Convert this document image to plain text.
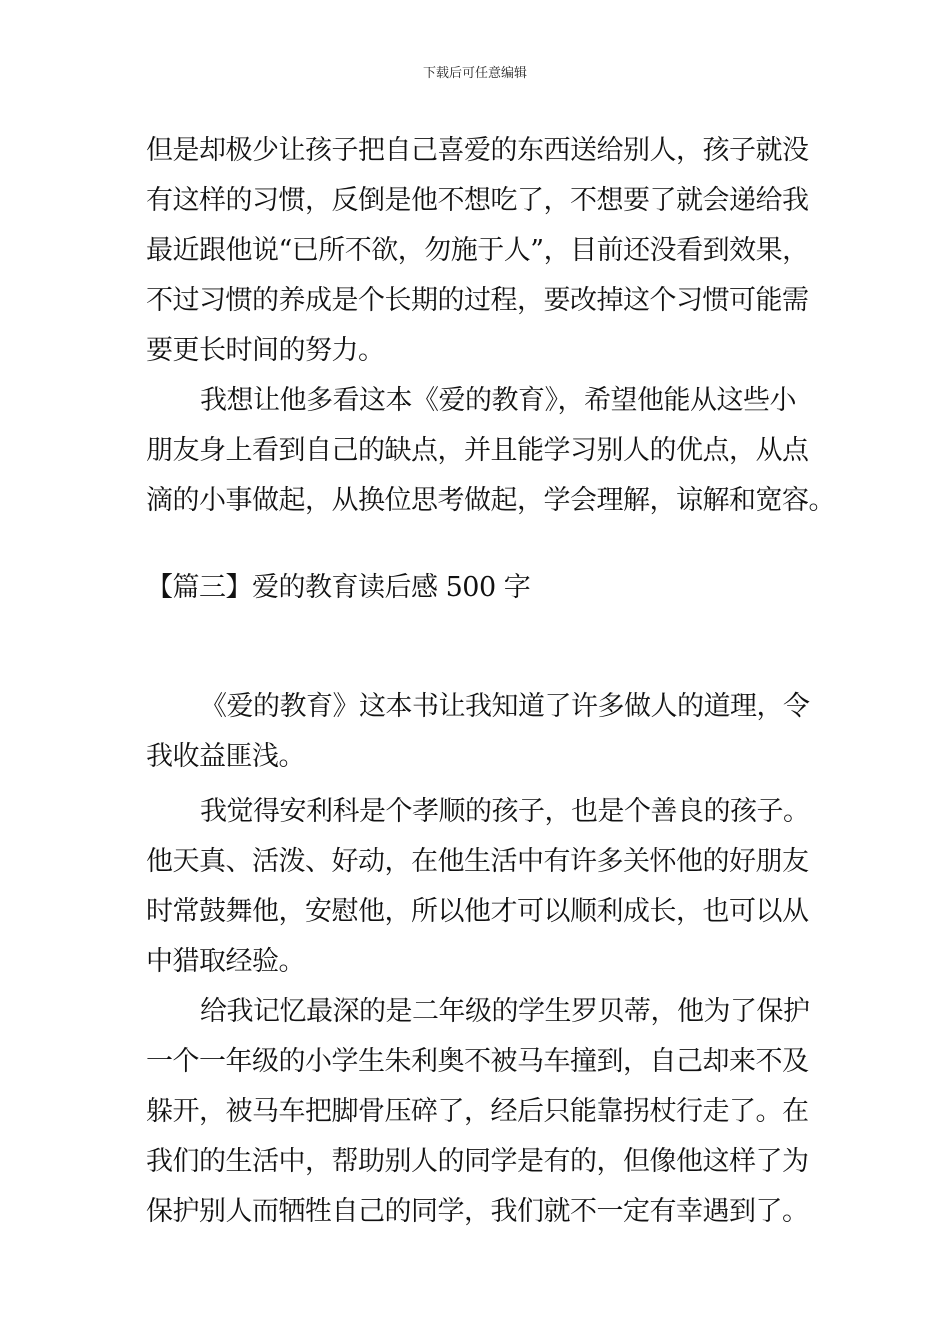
下载后可任意编辑
但是却极少让孩子把自己喜爱的东西送给别人，孩子就没
有这样的习惯，反倒是他不想吃了，不想要了就会递给我
最近跟他说“已所不欲，勿施于人”，目前还没看到效果，
不过习惯的养成是个长期的过程，要改掉这个习惯可能需
要更长时间的努力。
我想让他多看这本《爱的教育》，希望他能从这些小
朋友身上看到自己的缺点，并且能学习别人的优点，从点
滴的小事做起，从换位思考做起，学会理解，谅解和宽容。
【篇三】爱的教育读后感 500 字
《爱的教育》这本书让我知道了许多做人的道理，令
我收益匪浅。
我觉得安利科是个孝顺的孩子，也是个善良的孩子。
他天真、活泼、好动，在他生活中有许多关怀他的好朋友
时常鼓舞他，安慰他，所以他才可以顺利成长，也可以从
中猎取经验。
给我记忆最深的是二年级的学生罗贝蒂，他为了保护
一个一年级的小学生朱利奥不被马车撞到，自己却来不及
躲开，被马车把脚骨压碎了，经后只能靠拐杖行走了。在
我们的生活中，帮助别人的同学是有的，但像他这样了为
保护别人而牺牲自己的同学，我们就不一定有幸遇到了。
